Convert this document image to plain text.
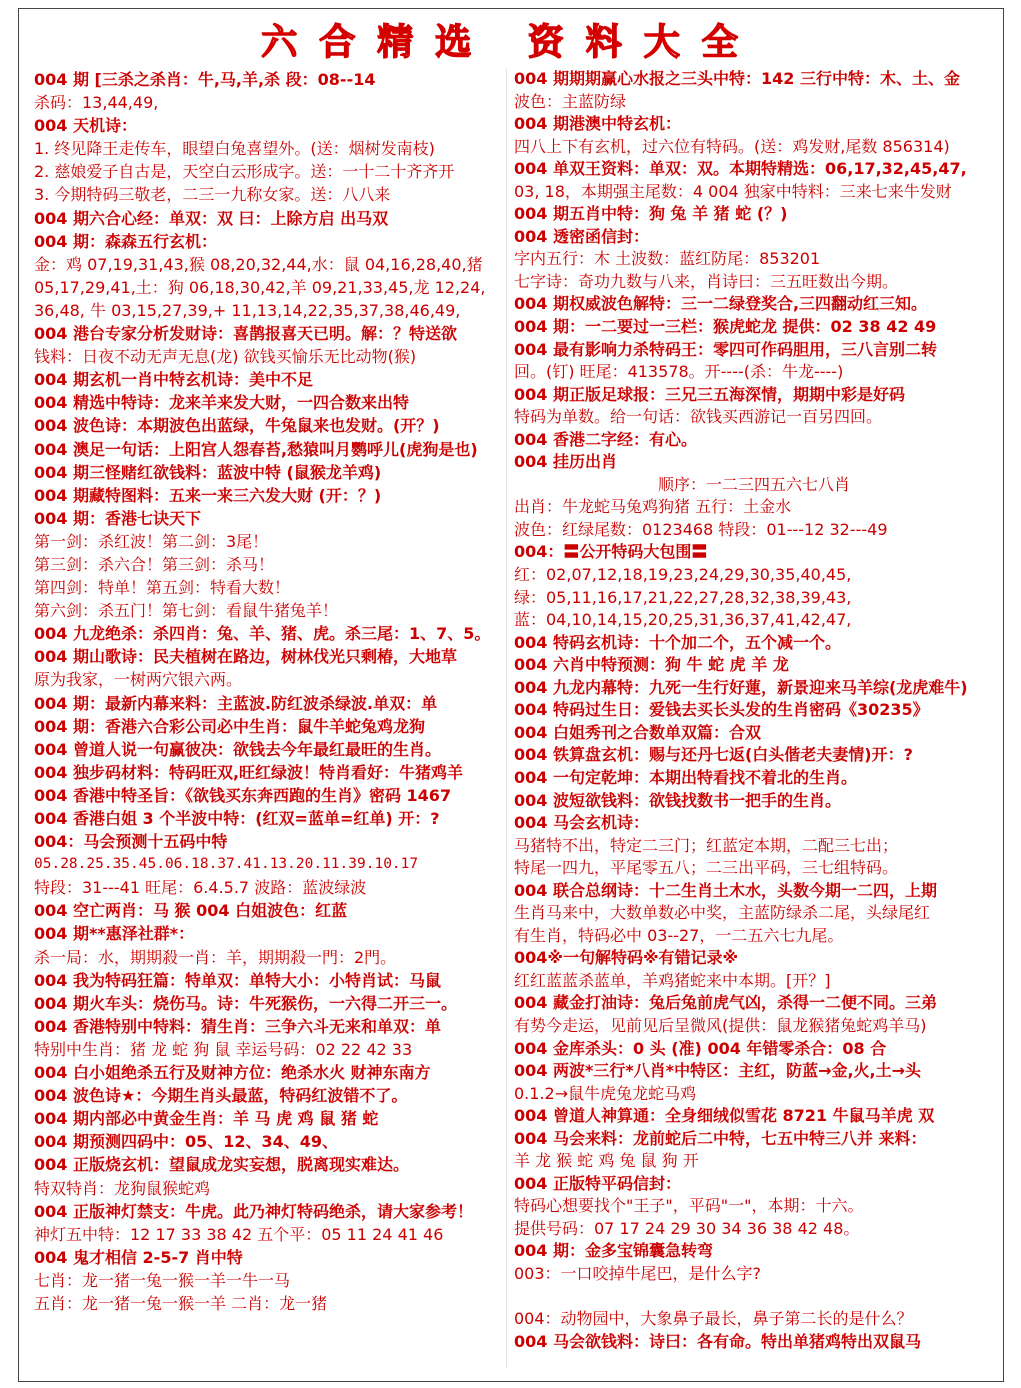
六合精选 资料大全
004 期 [三杀之杀肖：牛,马,羊,杀 段：08--14
杀码：13,44,49,
004 天机诗：
1. 终见降王走传车，眼望白兔喜望外。(送：烟树发南枝)
2. 慈娘爱子自古是，天空白云形成字。送：一十二十齐齐开
3. 今期特码三敬老，二三一九称女家。送：八八来
004 期六合心经：单双：双 曰：上除方启 出马双
004 期：森森五行玄机：
金：鸡 07,19,31,43,猴 08,20,32,44,水：鼠 04,16,28,40,猪
05,17,29,41,土：狗 06,18,30,42,羊 09,21,33,45,龙 12,24,
36,48, 牛 03,15,27,39,+ 11,13,14,22,35,37,38,46,49,
004 港台专家分析发财诗：喜鹊报喜天已明。解：？特送欲
钱料：日夜不动无声无息(龙) 欲钱买愉乐无比动物(猴)
004 期玄机一肖中特玄机诗：美中不足
004 精选中特诗：龙来羊来发大财，一四合数来出特
004 波色诗：本期波色出蓝绿，牛兔鼠来也发财。(开？)
004 澳足一句话：上阳宫人怨春苔,愁猿叫月鹦呼儿(虎狗是也)
004 期三怪赌红欲钱料：蓝波中特 (鼠猴龙羊鸡)
004 期藏特图料：五来一来三六发大财 (开：？)
004 期：香港七诀天下
第一剑：杀红波！第二剑：3尾！
第三剑：杀六合！第三剑：杀马！
第四剑：特单！第五剑：特看大数！
第六剑：杀五门！第七剑：看鼠牛猪兔羊！
004 九龙绝杀：杀四肖：兔、羊、猪、虎。杀三尾：1、7、5。
004 期山歌诗：民夫植树在路边，树林伐光只剩椿，大地草
原为我家，一树两穴银六两。
004 期：最新内幕来料：主蓝波.防红波杀绿波.单双：单
004 期：香港六合彩公司必中生肖：鼠牛羊蛇兔鸡龙狗
004 曾道人说一句赢彼决：欲钱去今年最红最旺的生肖。
004 独步码材料：特码旺双,旺红绿波！特肖看好：牛猪鸡羊
004 香港中特圣旨：《欲钱买东奔西跑的生肖》密码 1467
004 香港白姐 3 个半波中特：(红双=蓝单=红单) 开：?
004：马会预测十五码中特
05.28.25.35.45.06.18.37.41.13.20.11.39.10.17
特段：31---41 旺尾：6.4.5.7 波路：蓝波绿波
004 空亡两肖：马 猴 004 白姐波色：红蓝
004 期**惠泽社群*：
杀一局：水，期期殺一肖：羊，期期殺一門：2門。
004 我为特码狂篇：特单双：单特大小：小特肖试：马鼠
004 期火车头：烧伤马。诗：牛死猴伤，一六得二开三一。
004 香港特别中特料：猜生肖：三争六斗无来和单双：单
特别中生肖：猪 龙 蛇 狗 鼠 幸运号码：02 22 42 33
004 白小姐绝杀五行及财神方位：绝杀水火 财神东南方
004 波色诗★：今期生肖头最蓝，特码红波错不了。
004 期内部必中黄金生肖：羊 马 虎 鸡 鼠 猪 蛇
004 期预测四码中：05、12、34、49、
004 正版烧玄机：望鼠成龙实妄想，脱离现实难达。
特双特肖：龙狗鼠猴蛇鸡
004 正版神灯禁支：牛虎。此乃神灯特码绝杀，请大家参考！
神灯五中特：12 17 33 38 42 五个平：05 11 24 41 46
004 鬼才相信 2-5-7 肖中特
七肖：龙一猪一兔一猴一羊一牛一马
五肖：龙一猪一兔一猴一羊 二肖：龙一猪
004 期期期赢心水报之三头中特：142 三行中特：木、土、金
波色：主蓝防绿
004 期港澳中特玄机：
四八上下有玄机，过六位有特码。(送：鸡发财,尾数 856314)
004 单双王资料：单双：双。本期特精选：06,17,32,45,47,
03, 18，本期强主尾数：4 004 独家中特料：三来七来牛发财
004 期五肖中特：狗 兔 羊 猪 蛇 (？)
004 透密函信封：
字内五行：木 土波数：蓝红防尾：853201
七字诗：奇功九数与八来，肖诗曰：三五旺数出今期。
004 期权威波色解特：三一二绿登奖合,三四翻动红三知。
004 期：一二要过一三栏：猴虎蛇龙 提供：02 38 42 49
004 最有影响力杀特码王：零四可作码胆用，三八言别二转
回。(钉) 旺尾：413578。开----(杀：牛龙----)
004 期正版足球报：三兄三五海深情，期期中彩是好码
特码为单数。给一句话：欲钱买西游记一百另四回。
004 香港二字经：有心。
004 挂历出肖
顺序：一二三四五六七八肖
出肖：牛龙蛇马兔鸡狗猪 五行：土金水
波色：红绿尾数：0123468 特段：01---12 32---49
004：〓公开特码大包围〓
红：02,07,12,18,19,23,24,29,30,35,40,45,
绿：05,11,16,17,21,22,27,28,32,38,39,43,
蓝：04,10,14,15,20,25,31,36,37,41,42,47,
004 特码玄机诗：十个加二个，五个减一个。
004 六肖中特预测：狗 牛 蛇 虎 羊 龙
004 九龙内幕特：九死一生行好蓮，新景迎来马羊综(龙虎难牛)
004 特码过生日：爱钱去买长头发的生肖密码《30235》
004 白姐秀刊之合数单双篇：合双
004 铁算盘玄机：赐与还丹七返(白头偕老夫妻情)开：?
004 一句定乾坤：本期出特看找不着北的生肖。
004 波短欲钱料：欲钱找数书一把手的生肖。
004 马会玄机诗：
马猪特不出，特定二三门；红蓝定本期，二配三七出；
特尾一四九，平尾零五八；二三出平码，三七组特码。
004 联合总纲诗：十二生肖土木水，头数今期一二四，上期
生肖马来中，大数单数必中奖，主蓝防绿杀二尾，头绿尾红
有生肖，特码必中 03--27，一二五六七九尾。
004※一句解特码※有错记录※
红红蓝蓝杀蓝单，羊鸡猪蛇来中本期。[开？]
004 藏金打油诗：兔后兔前虎气凶，杀得一二便不同。三弟
有势今走运，见前见后呈微风(提供：鼠龙猴猪兔蛇鸡羊马)
004 金库杀头：0 头 (准) 004 年错零杀合：08 合
004 两波*三行*八肖*中特区：主红，防蓝→金,火,土→头
0.1.2→鼠牛虎兔龙蛇马鸡
004 曾道人神算通：全身细绒似雪花 8721 牛鼠马羊虎 双
004 马会来料：龙前蛇后二中特，七五中特三八并 来料：
羊 龙 猴 蛇 鸡 兔 鼠 狗 开
004 正版特平码信封：
特码心想要找个"王子"，平码"一"，本期：十六。
提供号码：07 17 24 29 30 34 36 38 42 48。
004 期：金多宝锦囊急转弯
003：一口咬掉牛尾巴，是什么字?
004：动物园中，大象鼻子最长，鼻子第二长的是什么？
004 马会欲钱料：诗曰：各有命。特出单猪鸡特出双鼠马
